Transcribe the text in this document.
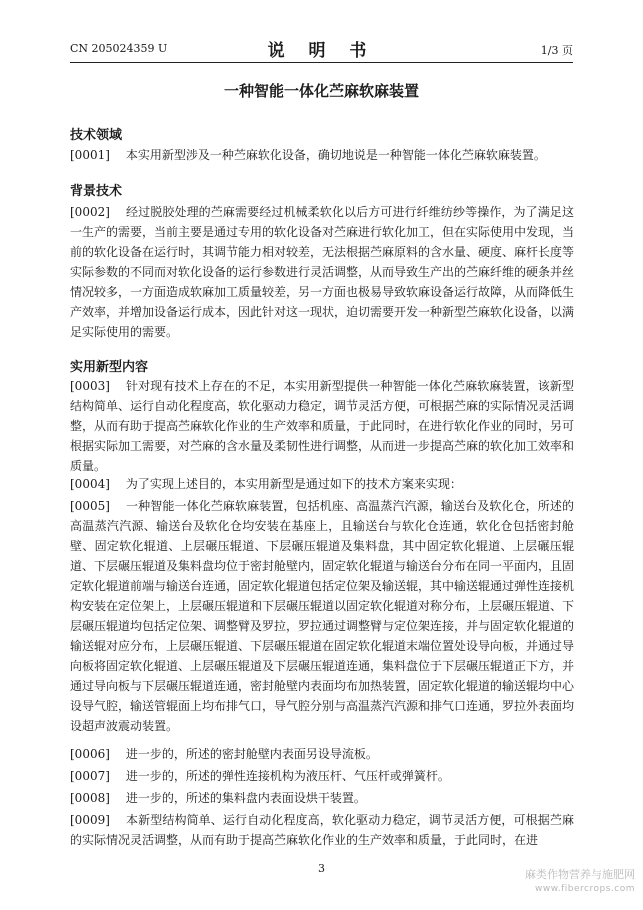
CN 205024359 U	说 明 书	1/3 页
一种智能一体化苎麻软麻装置
技术领域
[0001] 本实用新型涉及一种苎麻软化设备，确切地说是一种智能一体化苎麻软麻装置。
背景技术
[0002] 经过脱胶处理的苎麻需要经过机械柔软化以后方可进行纤维纺纱等操作，为了满足这一生产的需要，当前主要是通过专用的软化设备对苎麻进行软化加工，但在实际使用中发现，当前的软化设备在运行时，其调节能力相对较差，无法根据苎麻原料的含水量、硬度、麻杆长度等实际参数的不同而对软化设备的运行参数进行灵活调整，从而导致生产出的苎麻纤维的硬条并丝情况较多，一方面造成软麻加工质量较差，另一方面也极易导致软麻设备运行故障，从而降低生产效率，并增加设备运行成本，因此针对这一现状，迫切需要开发一种新型苎麻软化设备，以满足实际使用的需要。
实用新型内容
[0003] 针对现有技术上存在的不足，本实用新型提供一种智能一体化苎麻软麻装置，该新型结构简单、运行自动化程度高，软化驱动力稳定，调节灵活方便，可根据苎麻的实际情况灵活调整，从而有助于提高苎麻软化作业的生产效率和质量，于此同时，在进行软化作业的同时，另可根据实际加工需要，对苎麻的含水量及柔韧性进行调整，从而进一步提高苎麻的软化加工效率和质量。
[0004] 为了实现上述目的，本实用新型是通过如下的技术方案来实现：
[0005] 一种智能一体化苎麻软麻装置，包括机座、高温蒸汽汽源，输送台及软化仓，所述的高温蒸汽汽源、输送台及软化仓均安装在基座上，且输送台与软化仓连通，软化仓包括密封舱壁、固定软化辊道、上层碾压辊道、下层碾压辊道及集料盘，其中固定软化辊道、上层碾压辊道、下层碾压辊道及集料盘均位于密封舱壁内，固定软化辊道与输送台分布在同一平面内，且固定软化辊道前端与输送台连通，固定软化辊道包括定位架及输送辊，其中输送辊通过弹性连接机构安装在定位架上，上层碾压辊道和下层碾压辊道以固定软化辊道对称分布，上层碾压辊道、下层碾压辊道均包括定位架、调整臂及罗拉，罗拉通过调整臂与定位架连接，并与固定软化辊道的输送辊对应分布，上层碾压辊道、下层碾压辊道在固定软化辊道末端位置处设导向板，并通过导向板将固定软化辊道、上层碾压辊道及下层碾压辊道连通，集料盘位于下层碾压辊道正下方，并通过导向板与下层碾压辊道连通，密封舱壁内表面均布加热装置，固定软化辊道的输送辊均中心设导气腔，输送管辊面上均布排气口，导气腔分别与高温蒸汽汽源和排气口连通，罗拉外表面均设超声波震动装置。
[0006] 进一步的，所述的密封舱壁内表面另设导流板。
[0007] 进一步的，所述的弹性连接机构为液压杆、气压杆或弹簧杆。
[0008] 进一步的，所述的集料盘内表面设烘干装置。
[0009] 本新型结构简单、运行自动化程度高，软化驱动力稳定，调节灵活方便，可根据苎麻的实际情况灵活调整，从而有助于提高苎麻软化作业的生产效率和质量，于此同时，在进
3	麻类作物营养与施肥网
www.fibercrops.com
